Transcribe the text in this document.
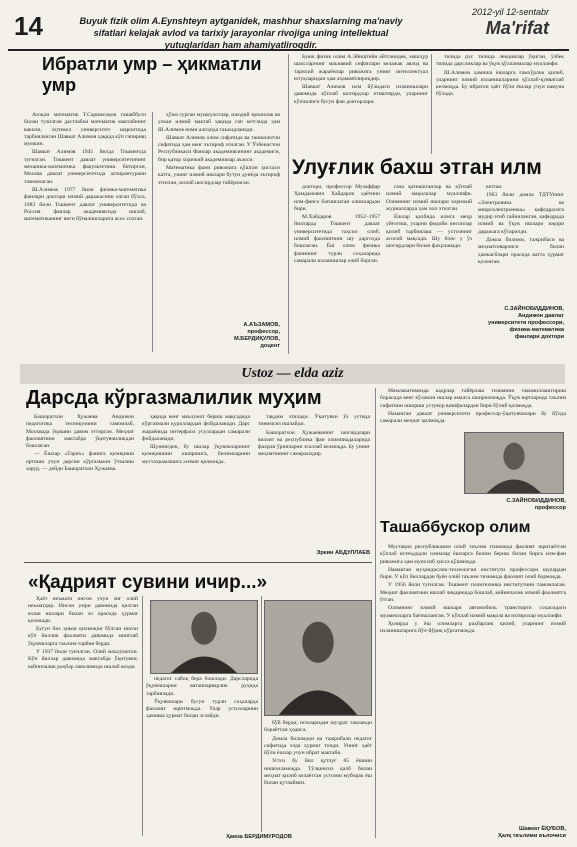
14	Buyuk fizik olim A.Eynshteyn aytganidek, mashhur shaxslarning ma'naviy sifatlari kelajak avlod va tarixiy jarayonlar rivojiga uning intellektual yutuqlaridan ham ahamiyatliroqdir.
2012-yil 12-sentabr
Ma'rifat
Ибратли умр – ҳикматли умр

Атоқли математик Т.Саримсоқов ташаббуси билан тузилган дастлабки математик мактабнинг вакили, эҳтимол университет шароитида тарбияланган Шавкат Алимов ҳақида кўп гапириш мумкин.

Шавкат Алимов 1945 йилда Тошкентда туғилган. Тошкент давлат университетининг механика-математика факультетини битирган, Москва давлат университетида аспирантурани тамомлаган.

Ш.Алимов 1977 йили физика-математика фанлари доктори илмий даражасини олган бўлса, 1983 йили Тошкент давлат университетида ва Россия фанлар академиясида ишлаб, математиканинг янги йўналишларига асос солган.

ҳўкм сурган мушкулотлар, ижодий эркинлик ва улкан илмий мактаб ҳақида гап кетганда ҳам Ш.Алимов номи алоҳида таъкидланади.

Шавкат Алимов олим сифатида ва ташкилотчи сифатида ҳам кенг эътироф этилган. У Ўзбекистон Республикаси Фанлар академиясининг академиги, бир қатор хорижий академиялар аъзоси.

Математика фани ривожига қўшган ҳиссаси катта, унинг илмий ишлари бутун дунёда эътироф этилган, юзлаб шогирдлар тайёрлаган.

А.АЪЗАМОВ,
профессор,
М.БЕРДИҚУЛОВ,
доцент

Буюк физик олим А.Эйнштейн айтганидек, машҳур шахсларнинг маънавий сифатлари келажак авлод ва тарихий жараёнлар ривожига унинг интеллектуал ютуқларидан ҳам аҳамиятлироқдир.

Шавкат Алимов илм йўлидаги изланишлари давомида кўплаб шогирдлар етиштирди, уларнинг кўпчилиги бугун фан докторлари.

тилида рус тилида лекциялар ўқиган, ўзбек тилида дарсликлар ва ўқув қўлланмалар муаллифи.

Ш.Алимов ҳамиша ёшларга ғамхўрлик қилиб, уларнинг илмий изланишларини қўллаб-қувватлаб келмоқда. Бу ибратли ҳаёт йўли ёшлар учун намуна бўлади.

Улуғлик бахш этган илм

доктори, профессор Музаффар Ҳамдамович Хайдаров ҳаётини илм-фанга бағишлаган олимлардан бири.

М.Хайдаров 1952–1957 йилларда Тошкент давлат университетида таҳсил олиб, илмий фаолиятини шу даргоҳда бошлаган. Ёш олим физика фанининг турли соҳаларида самарали изланишлар олиб борган.

гача қатнашганлар ва кўплаб илмий мақолалар муаллифи. Олимнинг илмий ишлари хорижий журналларда ҳам чоп этилган.

Ёшлар қалбида илмга меҳр уйғотиш, уларни фидойи инсонлар қилиб тарбиялаш — устознинг асосий мақсади. Шу боис у ўз шогирдлари билан фахрланади.

кетган.

1963 йили домла ТДТУнинг «Электроника ва микроэлектроника» кафедрасига мудир этиб тайинланган, кафедрада илмий ва ўқув ишлари юқори даражага кўтарилди.

Домла билими, тажрибаси ва меҳнатсеварлиги билан ҳамкасблари орасида катта ҳурмат қозонган.

С.ЗАЙНОБИДДИНОВ,
Андижон давлат
университети профессори,
физика-математика
фанлари доктори
Ustoz — elda aziz
Дарсда кўргазмалилик муҳим

Башоратхон Ҳужаева Андижон педагогика техникумини тамомлаб, Москвада ўқишни давом эттирган. Меҳнат фаолиятини мактабда ўқитувчиликдан бошлаган.

— Ёшлар «Тарих» фанига қизиқиши ортиши учун дарсни кўргазмали ўтказиш зарур, — дейди Башоратхон Ҳужаева.

ҳақида кенг маълумот бериш мақсадида кўргазмали қуроллардан фойдаланади. Дарс жараёнида интерфаол усуллардан самарали фойдаланади.

Шунингдек, бу ишлар ўқувчиларнинг қизиқишини оширишга, билимларини мустаҳкамлашга хизмат қилмоқда.

тақдим этилади. Ўқитувчи ўз устида тинимсиз ишлайди.

Башоратхон Ҳужаеванинг шогирдлари вилоят ва республика фан олимпиадаларида фахрли ўринларни эгаллаб келмоқда. Бу унинг меҳнатининг самарасидир.

Эркин АБДУЛЛАЕВ

Мамлакатимизда кадрлар тайёрлаш тизимини такомиллаштириш борасида кенг кўламли ишлар амалга оширилмоқда. Ўқув юртларида таълим сифатини ошириш устувор вазифалардан бири бўлиб қолмоқда.

Наманган давлат университети профессор-ўқитувчилари бу йўлда самарали меҳнат қилмоқда.

С.ЗАЙНОБИДДИНОВ,
профессор
Ташаббускор олим

Мустақил республикамиз олий таълим тизимида фаолият юритаётган кўплаб истеъдодли олимлар ёшларга билим бериш билан бирга илм-фан ривожига ҳам муносиб ҳисса қўшмоқда.

Наманган муҳандислик-технология институти профессори шулардан бири. У кўп йиллардан буён олий таълим тизимида фаолият олиб бормоқда.

У 1956 йили туғилган. Тошкент политехника институтини тамомлаган. Меҳнат фаолиятини ишлаб чиқаришда бошлаб, кейинчалик илмий фаолиятга ўтган.

Олимнинг илмий ишлари автомобиль транспорти соҳасидаги муаммоларга бағишланган. У кўплаб илмий мақола ва ихтиролар муаллифи.

Ҳозирда у ёш олимларга раҳбарлик қилиб, уларнинг илмий изланишларига йўл-йўриқ кўрсатмоқда.

Шавкат ЁҚУБОВ,
Ҳалқ таълими аълочиси
«Қадрият сувини ичир...»

Ҳаёт неъмати инсон учун энг олий неъматдир. Инсон умри давомида қилган яхши ишлари билан эл орасида ҳурмат қозонади.

Бугун биз ҳикоя қилмоқчи бўлган инсон кўп йиллик фаолияти давомида минглаб ўқувчиларга таълим-тарбия берди.

У 1937 йили туғилган. Олий маълумотли. Кўп йиллар давомида мактабда ўқитувчи, кейинчалик раҳбар лавозимида ишлаб келди.

педагог сабоқ бера бошлади. Дарсларида ўқувчиларни ватанпарварлик руҳида тарбиялади.

Ўқувчилари бугун турли соҳаларда фаолият юритмоқда. Улар устозларини ҳамиша ҳурмат билан эслайди.

бўй берди, исмларидан шуҳрат танланди бораётган ҳодиса.

Домла билимдон ва тажрибали педагог сифатида элда ҳурмат топди. Унинг ҳаёт йўли ёшлар учун ибрат мактаби.

Устоз бу йил қутлуғ 65 ёшини нишонламоқда. Тўлқинсиз қалб билан меҳнат қилиб келаётган устозни муборак ёш билан қутлаймиз.

Ҳамза БЕРДИМУРОДОВ
